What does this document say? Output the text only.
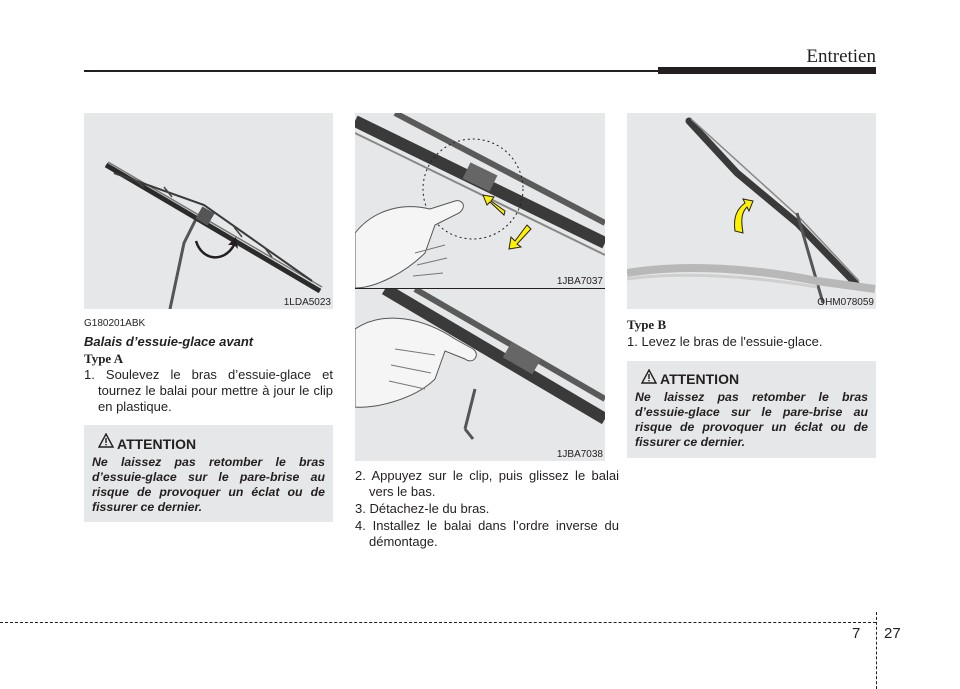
Entretien
1LDA5023
G180201ABK
Balais d’essuie-glace avant
Type A
1. Soulevez le bras d’essuie-glace et tournez le balai pour mettre à jour le clip en plastique.
ATTENTION
Ne laissez pas retomber le bras d’essuie-glace sur le pare-brise au risque de provoquer un éclat ou de fissurer ce dernier.
1JBA7037
1JBA7038
2. Appuyez sur le clip, puis glissez le balai vers le bas.
3. Détachez-le du bras.
4. Installez le balai dans l’ordre inverse du démontage.
OHM078059
Type B
1. Levez le bras de l'essuie-glace.
ATTENTION
Ne laissez pas retomber le bras d’essuie-glace sur le pare-brise au risque de provoquer un éclat ou de fissurer ce dernier.
7 27
